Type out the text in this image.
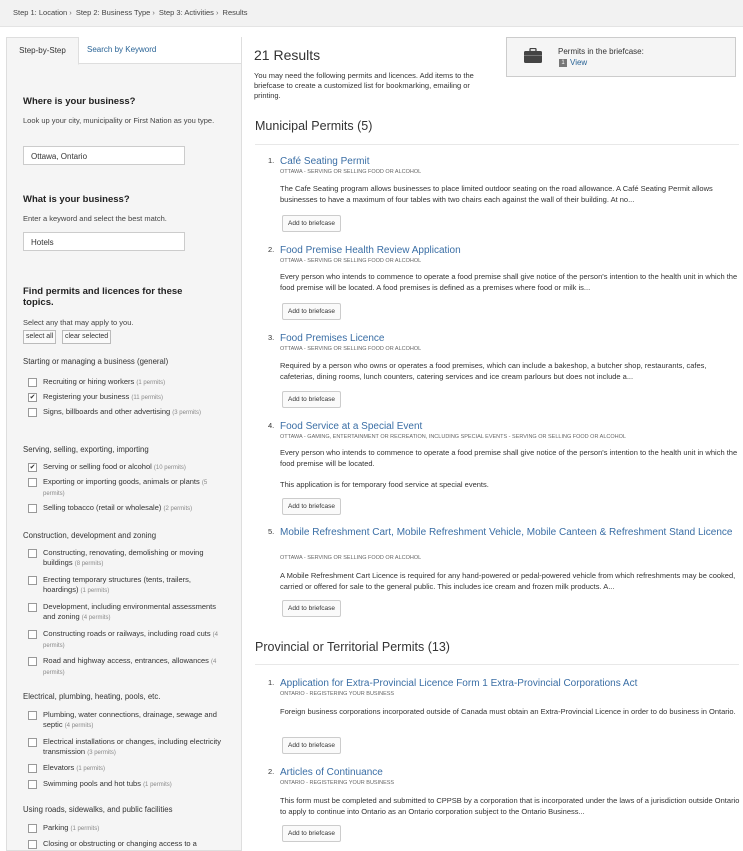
Step 1: Location › Step 2: Business Type › Step 3: Activities › Results
Step-by-Step	Search by Keyword
Where is your business?
Look up your city, municipality or First Nation as you type.
Ottawa, Ontario
What is your business?
Enter a keyword and select the best match.
Hotels
Find permits and licences for these topics.
Select any that may apply to you.
select all	clear selected
Starting or managing a business (general)
Recruiting or hiring workers (1 permits)
✔	Registering your business (11 permits)
Signs, billboards and other advertising (3 permits)
Serving, selling, exporting, importing
✔	Serving or selling food or alcohol (10 permits)
Exporting or importing goods, animals or plants (5 permits)
Selling tobacco (retail or wholesale) (2 permits)
Construction, development and zoning
Constructing, renovating, demolishing or moving buildings (8 permits)
Erecting temporary structures (tents, trailers, hoardings) (1 permits)
Development, including environmental assessments and zoning (4 permits)
Constructing roads or railways, including road cuts (4 permits)
Road and highway access, entrances, allowances (4 permits)
Electrical, plumbing, heating, pools, etc.
Plumbing, water connections, drainage, sewage and septic (4 permits)
Electrical installations or changes, including electricity transmission (3 permits)
Elevators (1 permits)
Swimming pools and hot tubs (1 permits)
Using roads, sidewalks, and public facilities
Parking (1 permits)
Closing or obstructing or changing access to a
21 Results
You may need the following permits and licences. Add items to the briefcase to create a customized list for bookmarking, emailing or printing.
Permits in the briefcase:
1 View
Municipal Permits (5)
1. Café Seating Permit
OTTAWA - SERVING OR SELLING FOOD OR ALCOHOL
The Cafe Seating program allows businesses to place limited outdoor seating on the road allowance. A Café Seating Permit allows businesses to have a maximum of four tables with two chairs each against the wall of their building. At no...
Add to briefcase
2. Food Premise Health Review Application
OTTAWA - SERVING OR SELLING FOOD OR ALCOHOL
Every person who intends to commence to operate a food premise shall give notice of the person's intention to the health unit in which the food premise will be located. A food premises is defined as a premises where food or milk is...
Add to briefcase
3. Food Premises Licence
OTTAWA - SERVING OR SELLING FOOD OR ALCOHOL
Required by a person who owns or operates a food premises, which can include a bakeshop, a butcher shop, restaurants, cafes, cafeterias, dining rooms, lunch counters, catering services and ice cream parlours but does not include a...
Add to briefcase
4. Food Service at a Special Event
OTTAWA - GAMING, ENTERTAINMENT OR RECREATION, INCLUDING SPECIAL EVENTS - SERVING OR SELLING FOOD OR ALCOHOL
Every person who intends to commence to operate a food premise shall give notice of the person's intention to the health unit in which the food premise will be located.
This application is for temporary food service at special events.
Add to briefcase
5. Mobile Refreshment Cart, Mobile Refreshment Vehicle, Mobile Canteen & Refreshment Stand Licence
OTTAWA - SERVING OR SELLING FOOD OR ALCOHOL
A Mobile Refreshment Cart Licence is required for any hand-powered or pedal-powered vehicle from which refreshments may be cooked, carried or offered for sale to the general public. This includes ice cream and frozen milk products. A...
Add to briefcase
Provincial or Territorial Permits (13)
1. Application for Extra-Provincial Licence Form 1 Extra-Provincial Corporations Act
ONTARIO - REGISTERING YOUR BUSINESS
Foreign business corporations incorporated outside of Canada must obtain an Extra-Provincial Licence in order to do business in Ontario.
Add to briefcase
2. Articles of Continuance
ONTARIO - REGISTERING YOUR BUSINESS
This form must be completed and submitted to CPPSB by a corporation that is incorporated under the laws of a jurisdiction outside Ontario to apply to continue into Ontario as an Ontario corporation subject to the Ontario Business...
Add to briefcase
